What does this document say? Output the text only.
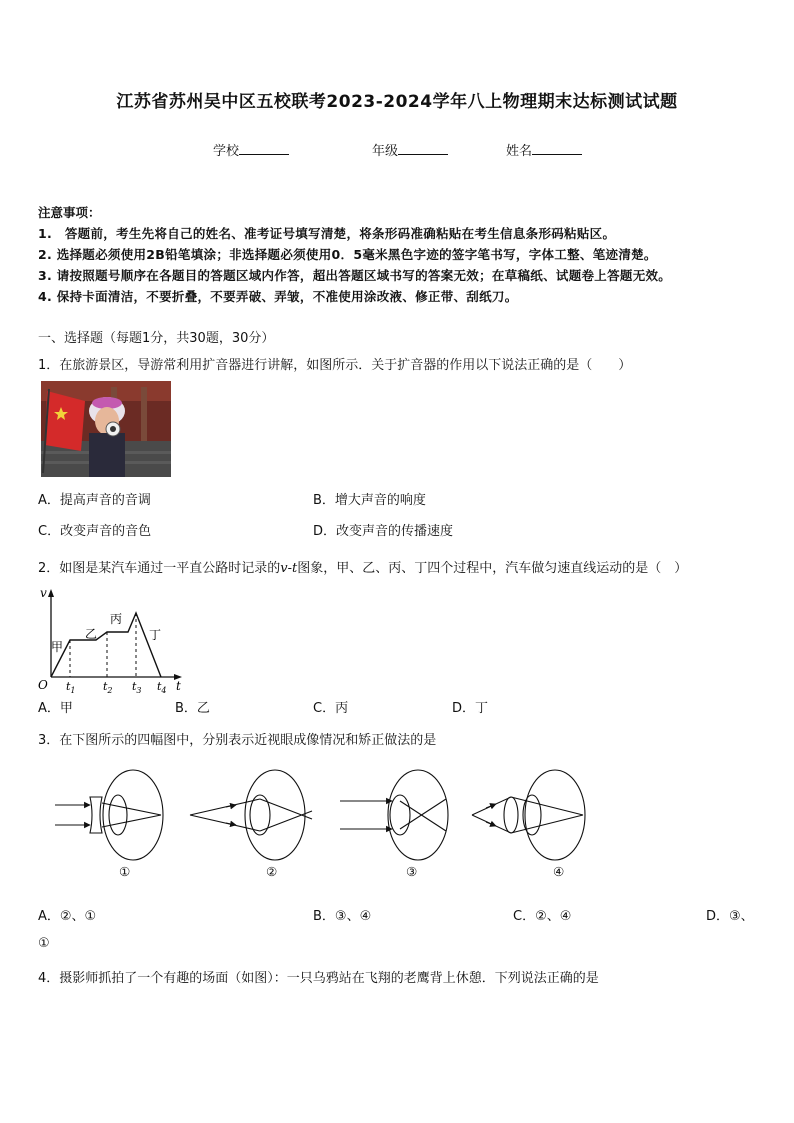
江苏省苏州吴中区五校联考2023-2024学年八上物理期末达标测试试题
学校	年级	姓名
注意事项：
1.　答题前，考生先将自己的姓名、准考证号填写清楚，将条形码准确粘贴在考生信息条形码粘贴区。
2. 选择题必须使用2B铅笔填涂；非选择题必须使用0．5毫米黑色字迹的签字笔书写，字体工整、笔迹清楚。
3. 请按照题号顺序在各题目的答题区域内作答，超出答题区域书写的答案无效；在草稿纸、试题卷上答题无效。
4. 保持卡面清洁，不要折叠，不要弄破、弄皱，不准使用涂改液、修正带、刮纸刀。
一、选择题（每题1分，共30题，30分）
1．在旅游景区，导游常利用扩音器进行讲解，如图所示．关于扩音器的作用以下说法正确的是（　　）
A．提高声音的音调	B．增大声音的响度
C．改变声音的音色	D．改变声音的传播速度
2．如图是某汽车通过一平直公路时记录的v-t图象，甲、乙、丙、丁四个过程中，汽车做匀速直线运动的是（　）
v
t
O $t_1$ $t_2$ $t_3$ $t_4$
甲
乙
丙
丁
A．甲	B．乙	C．丙	D．丁
3．在下图所示的四幅图中，分别表示近视眼成像情况和矫正做法的是
①	②	③	④
A．②、①	B．③、④	C．②、④	D．③、
①
4．摄影师抓拍了一个有趣的场面（如图）：一只乌鸦站在飞翔的老鹰背上休憩．下列说法正确的是
